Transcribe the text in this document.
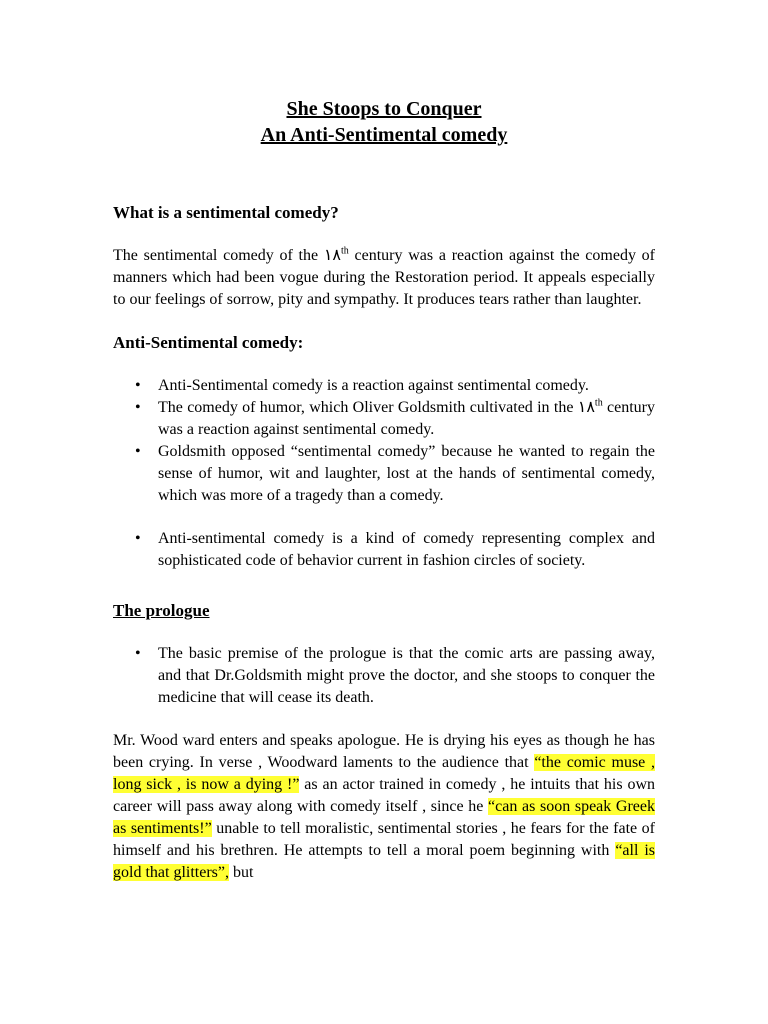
She Stoops to Conquer
An Anti-Sentimental comedy
What is a sentimental comedy?

The sentimental comedy of the ١٨th century was a reaction against the comedy of manners which had been vogue during the Restoration period. It appeals especially to our feelings of sorrow, pity and sympathy. It produces tears rather than laughter.

Anti-Sentimental comedy:
• Anti-Sentimental comedy is a reaction against sentimental comedy.
• The comedy of humor, which Oliver Goldsmith cultivated in the ١٨th century was a reaction against sentimental comedy.
• Goldsmith opposed “sentimental comedy” because he wanted to regain the sense of humor, wit and laughter, lost at the hands of sentimental comedy, which was more of a tragedy than a comedy.
• Anti-sentimental comedy is a kind of comedy representing complex and sophisticated code of behavior current in fashion circles of society.
The prologue
• The basic premise of the prologue is that the comic arts are passing away, and that Dr.Goldsmith might prove the doctor, and she stoops to conquer the medicine that will cease its death.

Mr. Wood ward enters and speaks apologue. He is drying his eyes as though he has been crying. In verse , Woodward laments to the audience that “the comic muse , long sick , is now a dying !” as an actor trained in comedy , he intuits that his own career will pass away along with comedy itself , since he “can as soon speak Greek as sentiments!” unable to tell moralistic, sentimental stories , he fears for the fate of himself and his brethren. He attempts to tell a moral poem beginning with “all is gold that glitters”, but
